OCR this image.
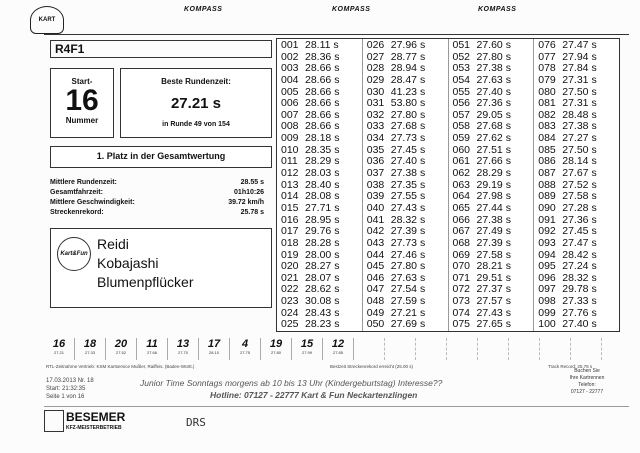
KART
KOMPASS	KOMPASS	KOMPASS
R4F1
Start-
16
Nummer
Beste Rundenzeit:
27.21 s
in Runde 49 von 154
1. Platz in der Gesamtwertung
Mittlere Rundenzeit:	28.55 s
Gesamtfahrzeit:	01h10:26
Mittlere Geschwindigkeit:	39.72 km/h
Streckenrekord:	25.78 s
Kart&Fun
Reidi
Kobajashi
Blumenpflücker
001 28.11 s
002 28.36 s
003 28.66 s
004 28.66 s
005 28.66 s
006 28.66 s
007 28.66 s
008 28.66 s
009 28.18 s
010 28.35 s
011 28.29 s
012 28.03 s
013 28.40 s
014 28.08 s
015 27.71 s
016 28.95 s
017 29.76 s
018 28.28 s
019 28.00 s
020 28.27 s
021 28.07 s
022 28.62 s
023 30.08 s
024 28.43 s
025 28.23 s
026 27.96 s
027 28.77 s
028 28.94 s
029 28.47 s
030 41.23 s
031 53.80 s
032 27.80 s
033 27.68 s
034 27.73 s
035 27.45 s
036 27.40 s
037 27.38 s
038 27.35 s
039 27.55 s
040 27.43 s
041 28.32 s
042 27.39 s
043 27.73 s
044 27.46 s
045 27.80 s
046 27.63 s
047 27.54 s
048 27.59 s
049 27.21 s
050 27.69 s
051 27.60 s
052 27.80 s
053 27.38 s
054 27.63 s
055 27.40 s
056 27.36 s
057 29.05 s
058 27.68 s
059 27.62 s
060 27.51 s
061 27.66 s
062 28.29 s
063 29.19 s
064 27.98 s
065 27.44 s
066 27.38 s
067 27.49 s
068 27.39 s
069 27.58 s
070 28.21 s
071 29.51 s
072 27.37 s
073 27.57 s
074 27.43 s
075 27.65 s
076 27.47 s
077 27.94 s
078 27.84 s
079 27.31 s
080 27.50 s
081 27.31 s
082 28.48 s
083 27.38 s
084 27.27 s
085 27.50 s
086 28.14 s
087 27.67 s
088 27.52 s
089 27.58 s
090 27.28 s
091 27.36 s
092 27.45 s
093 27.47 s
094 28.42 s
095 27.24 s
096 28.32 s
097 29.78 s
098 27.33 s
099 27.76 s
100 27.40 s
16
27.21
18
27.33
20
27.52
11
27.66
13
27.70
17
28.10
4
27.75
19
27.80
15
27.99
12
27.85
RTL-Zeitnahme Vertrieb: KSM Kartservice Mußler, Raiffeis. (Baden-Württ.)	Bestzeit Streckenrekord erreicht (25.00 s)	Track Record: 25.78 s
17.03.2013 Nr. 18
Start: 21:32:35
Seite 1 von 16
Junior Time Sonntags morgens ab 10 bis 13 Uhr (Kindergeburtstag) Interesse??
Hotline: 07127 - 22777 Kart & Fun Neckartenzlingen
Buchen Sie
Ihre Kartrennen
Telefon:
07127 - 22777
BESEMER
KFZ-MEISTERBETRIEB	DRS
